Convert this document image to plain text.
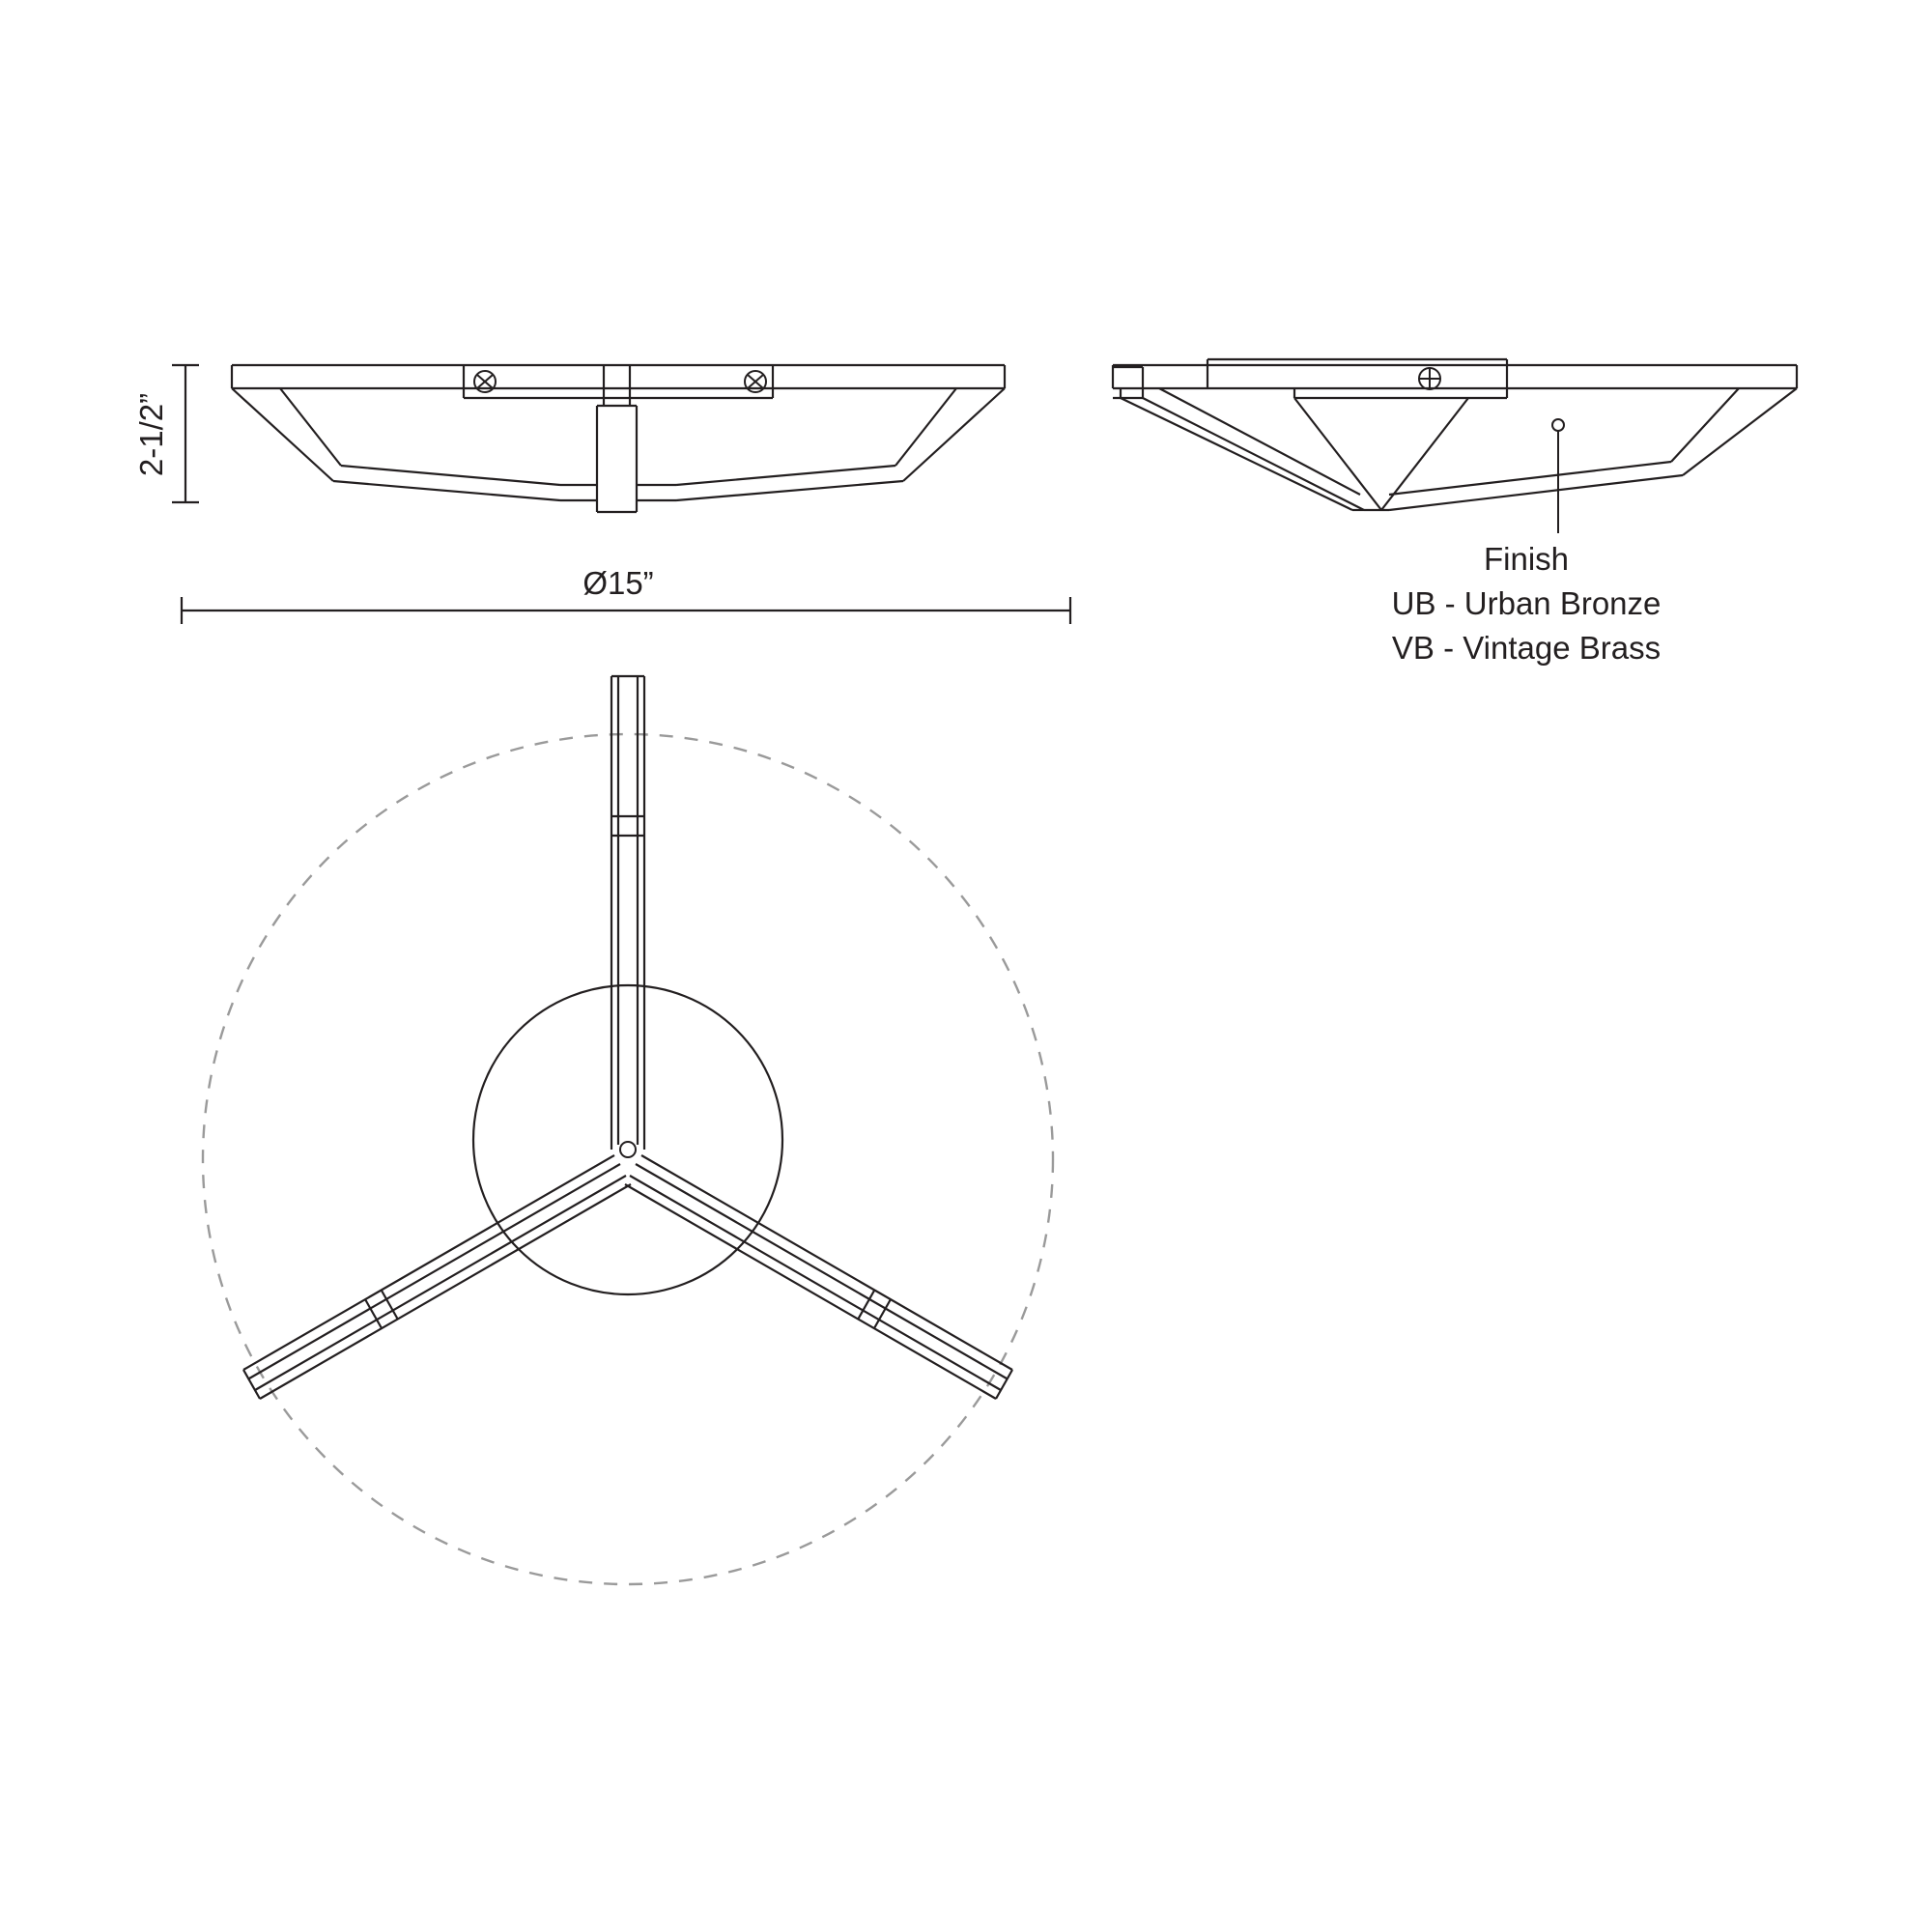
2-1/2”
Ø15”
Finish
UB - Urban Bronze
VB - Vintage Brass
